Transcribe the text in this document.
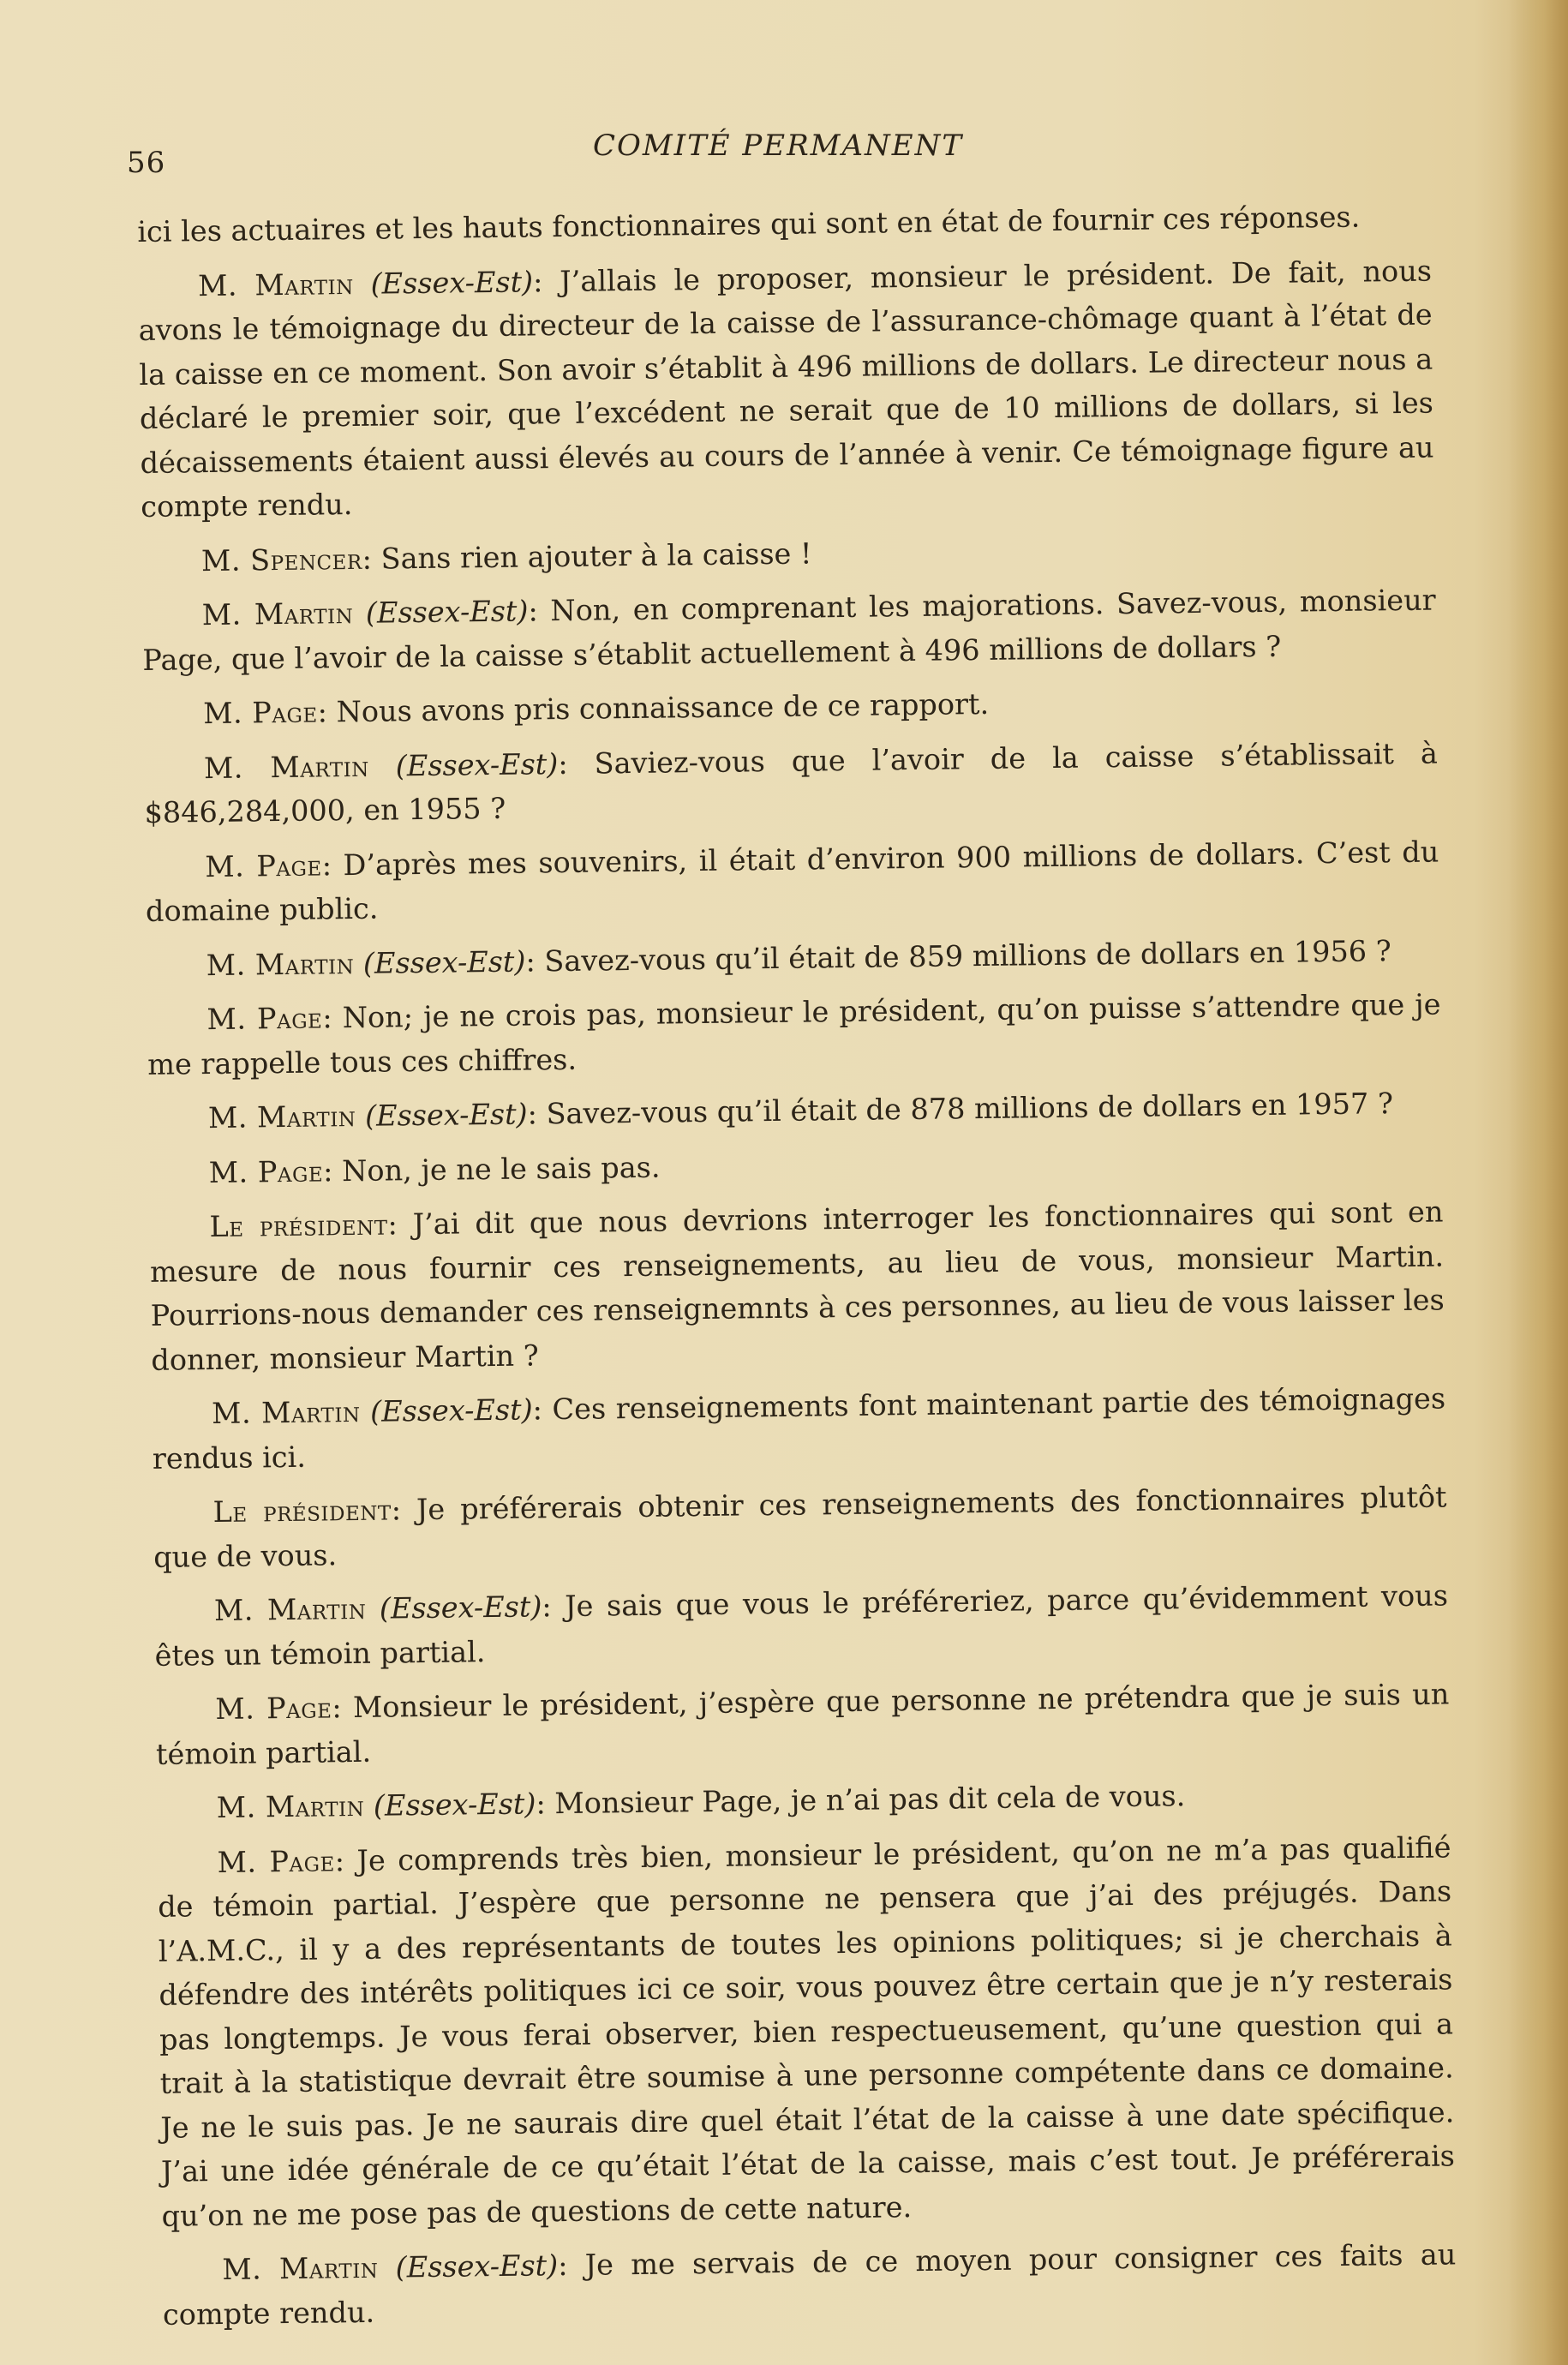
56	COMITÉ PERMANENT

ici les actuaires et les hauts fonctionnaires qui sont en état de fournir ces réponses.

M. Martin (Essex-Est): J’allais le proposer, monsieur le président. De fait, nous avons le témoignage du directeur de la caisse de l’assurance-chômage quant à l’état de la caisse en ce moment. Son avoir s’établit à 496 millions de dollars. Le directeur nous a déclaré le premier soir, que l’excédent ne serait que de 10 millions de dollars, si les décaissements étaient aussi élevés au cours de l’année à venir. Ce témoignage figure au compte rendu.

M. Spencer: Sans rien ajouter à la caisse !

M. Martin (Essex-Est): Non, en comprenant les majorations. Savez-vous, monsieur Page, que l’avoir de la caisse s’établit actuellement à 496 millions de dollars ?

M. Page: Nous avons pris connaissance de ce rapport.

M. Martin (Essex-Est): Saviez-vous que l’avoir de la caisse s’établissait à $846,284,000, en 1955 ?

M. Page: D’après mes souvenirs, il était d’environ 900 millions de dollars. C’est du domaine public.

M. Martin (Essex-Est): Savez-vous qu’il était de 859 millions de dollars en 1956 ?

M. Page: Non; je ne crois pas, monsieur le président, qu’on puisse s’attendre que je me rappelle tous ces chiffres.

M. Martin (Essex-Est): Savez-vous qu’il était de 878 millions de dollars en 1957 ?

M. Page: Non, je ne le sais pas.

Le président: J’ai dit que nous devrions interroger les fonctionnaires qui sont en mesure de nous fournir ces renseignements, au lieu de vous, monsieur Martin. Pourrions-nous demander ces renseignemnts à ces personnes, au lieu de vous laisser les donner, monsieur Martin ?

M. Martin (Essex-Est): Ces renseignements font maintenant partie des témoignages rendus ici.

Le président: Je préférerais obtenir ces renseignements des fonctionnaires plutôt que de vous.

M. Martin (Essex-Est): Je sais que vous le préféreriez, parce qu’évidemment vous êtes un témoin partial.

M. Page: Monsieur le président, j’espère que personne ne prétendra que je suis un témoin partial.

M. Martin (Essex-Est): Monsieur Page, je n’ai pas dit cela de vous.

M. Page: Je comprends très bien, monsieur le président, qu’on ne m’a pas qualifié de témoin partial. J’espère que personne ne pensera que j’ai des préjugés. Dans l’A.M.C., il y a des représentants de toutes les opinions politiques; si je cherchais à défendre des intérêts politiques ici ce soir, vous pouvez être certain que je n’y resterais pas longtemps. Je vous ferai observer, bien respectueusement, qu’une question qui a trait à la statistique devrait être soumise à une personne compétente dans ce domaine. Je ne le suis pas. Je ne saurais dire quel était l’état de la caisse à une date spécifique. J’ai une idée générale de ce qu’était l’état de la caisse, mais c’est tout. Je préférerais qu’on ne me pose pas de questions de cette nature.

M. Martin (Essex-Est): Je me servais de ce moyen pour consigner ces faits au compte rendu.
